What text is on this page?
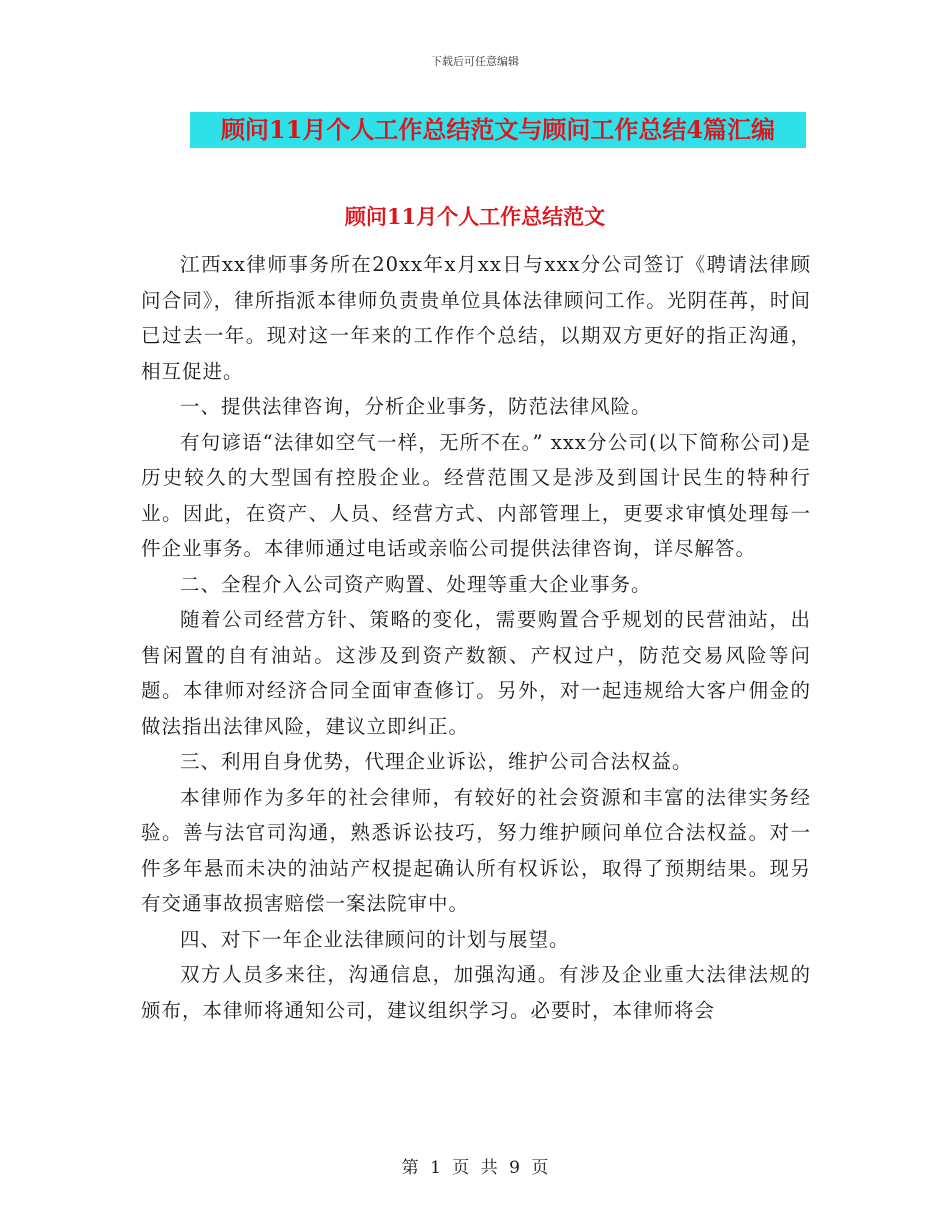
下载后可任意编辑
顾问11月个人工作总结范文与顾问工作总结4篇汇编
顾问11月个人工作总结范文

江西xx律师事务所在20xx年x月xx日与xxx分公司签订《聘请法律顾问合同》，律所指派本律师负责贵单位具体法律顾问工作。光阴荏苒，时间已过去一年。现对这一年来的工作作个总结，以期双方更好的指正沟通，相互促进。

一、提供法律咨询，分析企业事务，防范法律风险。

有句谚语“法律如空气一样，无所不在。” xxx分公司(以下简称公司)是历史较久的大型国有控股企业。经营范围又是涉及到国计民生的特种行业。因此，在资产、人员、经营方式、内部管理上，更要求审慎处理每一件企业事务。本律师通过电话或亲临公司提供法律咨询，详尽解答。

二、全程介入公司资产购置、处理等重大企业事务。

随着公司经营方针、策略的变化，需要购置合乎规划的民营油站，出售闲置的自有油站。这涉及到资产数额、产权过户，防范交易风险等问题。本律师对经济合同全面审查修订。另外，对一起违规给大客户佣金的做法指出法律风险，建议立即纠正。

三、利用自身优势，代理企业诉讼，维护公司合法权益。

本律师作为多年的社会律师，有较好的社会资源和丰富的法律实务经验。善与法官司沟通，熟悉诉讼技巧，努力维护顾问单位合法权益。对一件多年悬而未决的油站产权提起确认所有权诉讼，取得了预期结果。现另有交通事故损害赔偿一案法院审中。

四、对下一年企业法律顾问的计划与展望。

双方人员多来往，沟通信息，加强沟通。有涉及企业重大法律法规的颁布，本律师将通知公司，建议组织学习。必要时，本律师将会

第 1 页 共 9 页
